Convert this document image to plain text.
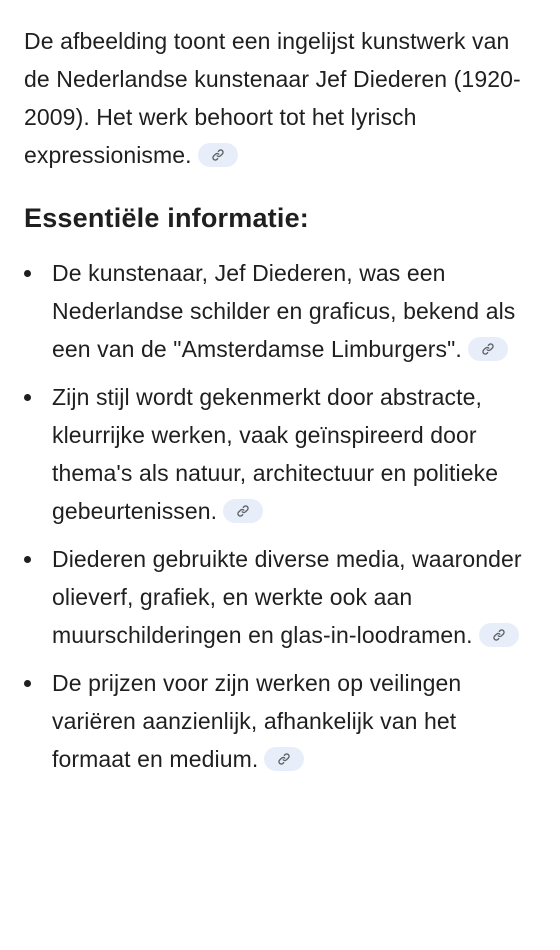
De afbeelding toont een ingelijst kunstwerk van de Nederlandse kunstenaar Jef Diederen (1920-2009). Het werk behoort tot het lyrisch expressionisme.

Essentiële informatie:
De kunstenaar, Jef Diederen, was een Nederlandse schilder en graficus, bekend als een van de "Amsterdamse Limburgers".
Zijn stijl wordt gekenmerkt door abstracte, kleurrijke werken, vaak geïnspireerd door thema's als natuur, architectuur en politieke gebeurtenissen.
Diederen gebruikte diverse media, waaronder olieverf, grafiek, en werkte ook aan muurschilderingen en glas-in-loodramen.
De prijzen voor zijn werken op veilingen variëren aanzienlijk, afhankelijk van het formaat en medium.
